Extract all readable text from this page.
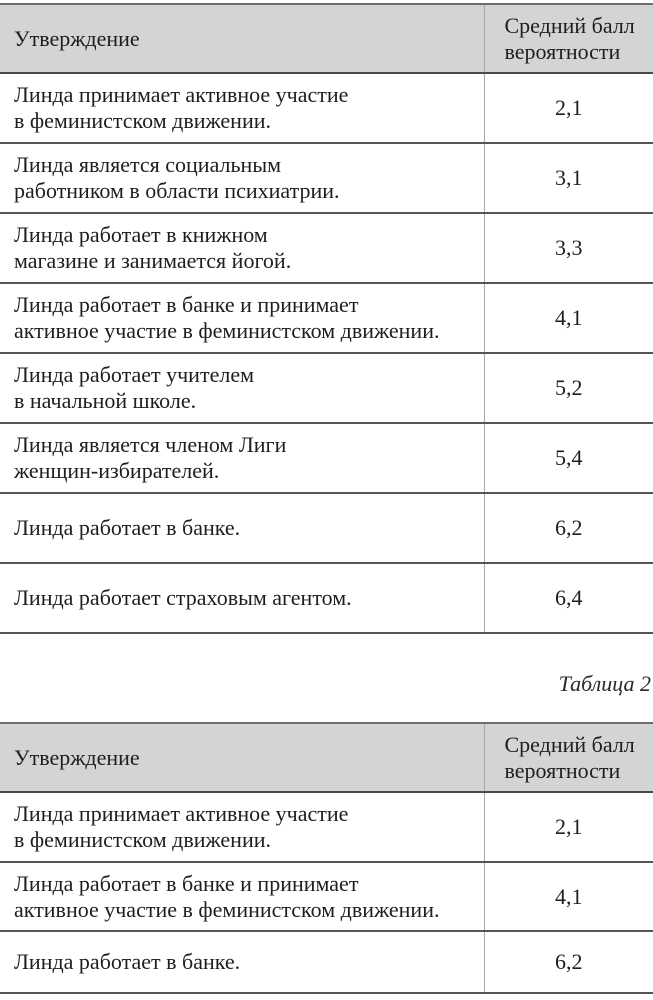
Утверждение	Средний балл
вероятности
Линда принимает активное участие
в феминистском движении.	2,1
Линда является социальным
работником в области психиатрии.	3,1
Линда работает в книжном
магазине и занимается йогой.	3,3
Линда работает в банке и принимает
активное участие в феминистском движении.	4,1
Линда работает учителем
в начальной школе.	5,2
Линда является членом Лиги
женщин-избирателей.	5,4
Линда работает в банке.	6,2
Линда работает страховым агентом.	6,4
Таблица 2
Утверждение	Средний балл
вероятности
Линда принимает активное участие
в феминистском движении.	2,1
Линда работает в банке и принимает
активное участие в феминистском движении.	4,1
Линда работает в банке.	6,2
